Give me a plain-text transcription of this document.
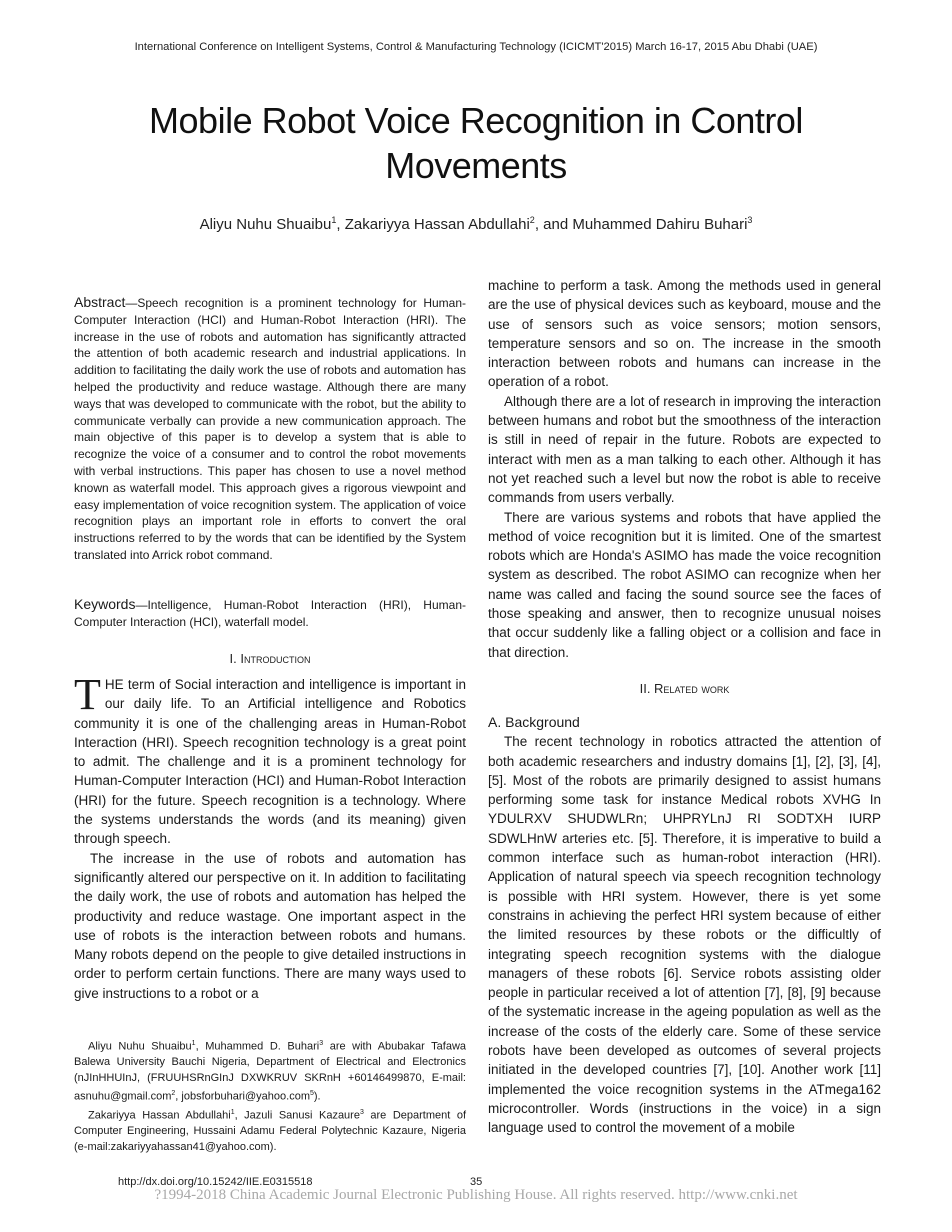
International Conference on Intelligent Systems, Control & Manufacturing Technology (ICICMT'2015) March 16-17, 2015 Abu Dhabi (UAE)
Mobile Robot Voice Recognition in Control
Movements
Aliyu Nuhu Shuaibu$^1$, Zakariyya Hassan Abdullahi$^2$, and Muhammed Dahiru Buhari$^3$

Abstract—Speech recognition is a prominent technology for Human-Computer Interaction (HCI) and Human-Robot Interaction (HRI). The increase in the use of robots and automation has significantly attracted the attention of both academic research and industrial applications. In addition to facilitating the daily work the use of robots and automation has helped the productivity and reduce wastage. Although there are many ways that was developed to communicate with the robot, but the ability to communicate verbally can provide a new communication approach. The main objective of this paper is to develop a system that is able to recognize the voice of a consumer and to control the robot movements with verbal instructions. This paper has chosen to use a novel method known as waterfall model. This approach gives a rigorous viewpoint and easy implementation of voice recognition system. The application of voice recognition plays an important role in efforts to convert the oral instructions referred to by the words that can be identified by the System translated into Arrick robot command.

Keywords—Intelligence, Human-Robot Interaction (HRI), Human-Computer Interaction (HCI), waterfall model.

I. Introduction

THE term of Social interaction and intelligence is important in our daily life. To an Artificial intelligence and Robotics community it is one of the challenging areas in Human-Robot Interaction (HRI). Speech recognition technology is a great point to admit. The challenge and it is a prominent technology for Human-Computer Interaction (HCI) and Human-Robot Interaction (HRI) for the future. Speech recognition is a technology. Where the systems understands the words (and its meaning) given through speech.

The increase in the use of robots and automation has significantly altered our perspective on it. In addition to facilitating the daily work, the use of robots and automation has helped the productivity and reduce wastage. One important aspect in the use of robots is the interaction between robots and humans. Many robots depend on the people to give detailed instructions in order to perform certain functions. There are many ways used to give instructions to a robot or a

Aliyu Nuhu Shuaibu$^1$, Muhammed D. Buhari$^3$ are with Abubakar Tafawa Balewa University Bauchi Nigeria, Department of Electrical and Electronics (nJInHHUInJ, (FRUUHSRnGInJ DXWKRUV SKRnH +60146499870, E-mail: asnuhu@gmail.com$^2$, jobsforbuhari@yahoo.com$^5$).

Zakariyya Hassan Abdullahi$^1$, Jazuli Sanusi Kazaure$^3$ are Department of Computer Engineering, Hussaini Adamu Federal Polytechnic Kazaure, Nigeria (e-mail:zakariyyahassan41@yahoo.com).

machine to perform a task. Among the methods used in general are the use of physical devices such as keyboard, mouse and the use of sensors such as voice sensors; motion sensors, temperature sensors and so on. The increase in the smooth interaction between robots and humans can increase in the operation of a robot.

Although there are a lot of research in improving the interaction between humans and robot but the smoothness of the interaction is still in need of repair in the future. Robots are expected to interact with men as a man talking to each other. Although it has not yet reached such a level but now the robot is able to receive commands from users verbally.

There are various systems and robots that have applied the method of voice recognition but it is limited. One of the smartest robots which are Honda's ASIMO has made the voice recognition system as described. The robot ASIMO can recognize when her name was called and facing the sound source see the faces of those speaking and answer, then to recognize unusual noises that occur suddenly like a falling object or a collision and face in that direction.

II. Related work

A. Background

The recent technology in robotics attracted the attention of both academic researchers and industry domains [1], [2], [3], [4], [5]. Most of the robots are primarily designed to assist humans performing some task for instance Medical robots XVHG In YDULRXV SHUDWLRn; UHPRYLnJ RI SODTXH IURP SDWLHnW arteries etc. [5]. Therefore, it is imperative to build a common interface such as human-robot interaction (HRI). Application of natural speech via speech recognition technology is possible with HRI system. However, there is yet some constrains in achieving the perfect HRI system because of either the limited resources by these robots or the difficultly of integrating speech recognition systems with the dialogue managers of these robots [6]. Service robots assisting older people in particular received a lot of attention [7], [8], [9] because of the systematic increase in the ageing population as well as the increase of the costs of the elderly care. Some of these service robots have been developed as outcomes of several projects initiated in the developed countries [7], [10]. Another work [11] implemented the voice recognition systems in the ATmega162 microcontroller. Words (instructions in the voice) in a sign language used to control the movement of a mobile

http://dx.doi.org/10.15242/IIE.E0315518	35
?1994-2018 China Academic Journal Electronic Publishing House. All rights reserved. http://www.cnki.net
